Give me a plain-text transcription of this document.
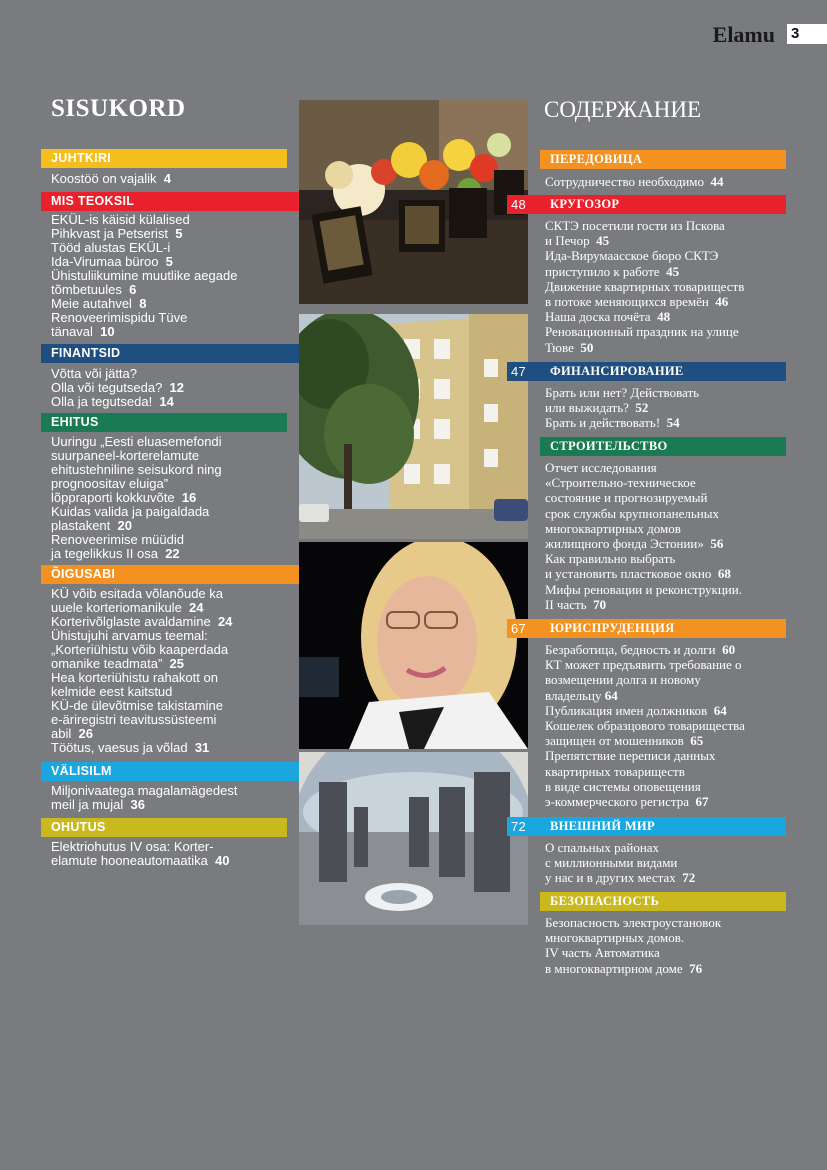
Elamu 3
SISUKORD	СОДЕРЖАНИЕ
JUHTKIRI
Koostöö on vajalik 4
MIS TEOKSIL
EKÜL-is käisid külalised
Pihkvast ja Petserist 5
Tööd alustas EKÜL-i
Ida-Virumaa büroo 5
Ühistuliikumine muutlike aegade
tõmbetuules 6
Meie autahvel 8
Renoveerimispidu Tüve
tänaval 10
FINANTSID
Võtta või jätta?
Olla või tegutseda? 12
Olla ja tegutseda! 14
EHITUS
Uuringu „Eesti eluasemefondi
suurpaneel-korterelamute
ehitustehniline seisukord ning
prognoositav eluiga”
lõppraporti kokkuvõte 16
Kuidas valida ja paigaldada
plastakent 20
Renoveerimise müüdid
ja tegelikkus II osa 22
ÕIGUSABI
KÜ võib esitada võlanõude ka
uuele korteriomanikule 24
Korterivõlglaste avaldamine 24
Ühistujuhi arvamus teemal:
„Korteriühistu võib kaaperdada
omanike teadmata” 25
Hea korteriühistu rahakott on
kelmide eest kaitstud
KÜ-de ülevõtmise takistamine
e-äriregistri teavitussüsteemi
abil 26
Töötus, vaesus ja võlad 31
VÄLISILM
Miljonivaatega magalamägedest
meil ja mujal 36
OHUTUS
Elektriohutus IV osa: Korter-
elamute hooneautomaatika 40
ПЕРЕДОВИЦА
Сотрудничество необходимо 44
48 КРУГОЗОР
СКТЭ посетили гости из Пскова
и Печор 45
Ида-Вирумаасское бюро СКТЭ
приступило к работе 45
Движение квартирных товариществ
в потоке меняющихся времён 46
Наша доска почёта 48
Реновационный праздник на улице
Тюве 50
47 ФИНАНСИРОВАНИЕ
Брать или нет? Действовать
или выжидать? 52
Брать и действовать! 54
СТРОИТЕЛЬСТВО
Отчет исследования
«Строительно-техническое
состояние и прогнозируемый
срок службы крупнопанельных
многоквартирных домов
жилищного фонда Эстонии» 56
Как правильно выбрать
и установить пластковое окно 68
Мифы реновации и реконструкции.
II часть 70
67 ЮРИСПРУДЕНЦИЯ
Безработица, бедность и долги 60
КТ может предъявить требование о
возмещении долга и новому
владельцу 64
Публикация имен должников 64
Кошелек образцового товарищества
защищен от мошенников 65
Препятствие переписи данных
квартирных товариществ
в виде системы оповещения
э-коммерческого регистра 67
72 ВНЕШНИЙ МИР
О спальных районах
с миллионными видами
у нас и в других местах 72
БЕЗОПАСНОСТЬ
Безопасность электроустановок
многоквартирных домов.
IV часть Автоматика
в многоквартирном доме 76
